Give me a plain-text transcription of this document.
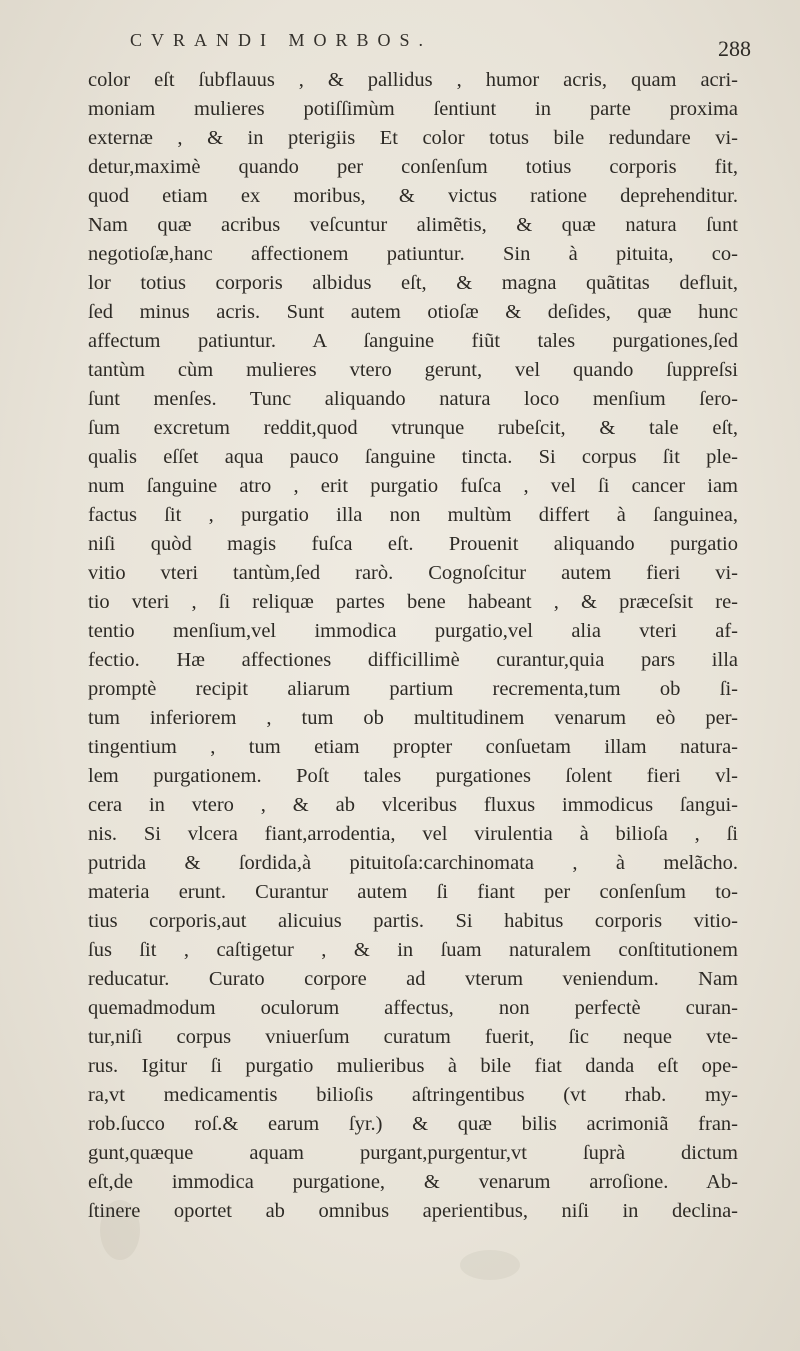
CVRANDI MORBOS.	288
color eſt ſubflauus , & pallidus , humor acris, quam acri-
moniam mulieres potiſſimùm ſentiunt in parte proxima
externæ , & in pterigiis Et color totus bile redundare vi-
detur,maximè quando per conſenſum totius corporis fit,
quod etiam ex moribus, & victus ratione deprehenditur.
Nam quæ acribus veſcuntur alimẽtis, & quæ natura ſunt
negotioſæ,hanc affectionem patiuntur. Sin à pituita, co-
lor totius corporis albidus eſt, & magna quãtitas defluit,
ſed minus acris. Sunt autem otioſæ & deſides, quæ hunc
affectum patiuntur. A ſanguine fiũt tales purgationes,ſed
tantùm cùm mulieres vtero gerunt, vel quando ſuppreſsi
ſunt menſes. Tunc aliquando natura loco menſium ſero-
ſum excretum reddit,quod vtrunque rubeſcit, & tale eſt,
qualis eſſet aqua pauco ſanguine tincta. Si corpus ſit ple-
num ſanguine atro , erit purgatio fuſca , vel ſi cancer iam
factus ſit , purgatio illa non multùm differt à ſanguinea,
niſi quòd magis fuſca eſt. Prouenit aliquando purgatio
vitio vteri tantùm,ſed rarò. Cognoſcitur autem fieri vi-
tio vteri , ſi reliquæ partes bene habeant , & præceſsit re-
tentio menſium,vel immodica purgatio,vel alia vteri af-
fectio. Hæ affectiones difficillimè curantur,quia pars illa
promptè recipit aliarum partium recrementa,tum ob ſi-
tum inferiorem , tum ob multitudinem venarum eò per-
tingentium , tum etiam propter conſuetam illam natura-
lem purgationem. Poſt tales purgationes ſolent fieri vl-
cera in vtero , & ab vlceribus fluxus immodicus ſangui-
nis. Si vlcera fiant,arrodentia, vel virulentia à bilioſa , ſi
putrida & ſordida,à pituitoſa:carchinomata , à melãcho.
materia erunt. Curantur autem ſi fiant per conſenſum to-
tius corporis,aut alicuius partis. Si habitus corporis vitio-
ſus ſit , caſtigetur , & in ſuam naturalem conſtitutionem
reducatur. Curato corpore ad vterum veniendum. Nam
quemadmodum oculorum affectus, non perfectè curan-
tur,niſi corpus vniuerſum curatum fuerit, ſic neque vte-
rus. Igitur ſi purgatio mulieribus à bile fiat danda eſt ope-
ra,vt medicamentis bilioſis aſtringentibus (vt rhab. my-
rob.ſucco roſ.& earum ſyr.) & quæ bilis acrimoniã fran-
gunt,quæque aquam purgant,purgentur,vt ſuprà dictum
eſt,de immodica purgatione, & venarum arroſione. Ab-
ſtinere oportet ab omnibus aperientibus, niſi in declina-
